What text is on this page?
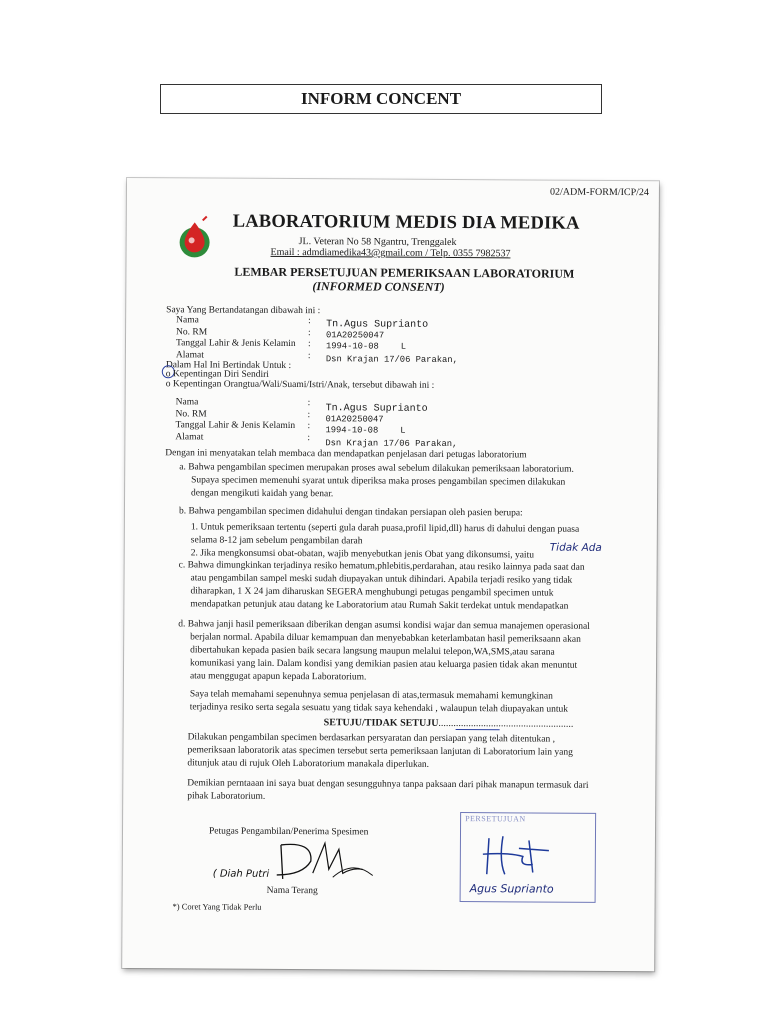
INFORM CONCENT
02/ADM-FORM/ICP/24
LABORATORIUM MEDIS DIA MEDIKA
JL. Veteran No 58 Ngantru, Trenggalek
Email : admdiamedika43@gmail.com / Telp. 0355 7982537
LEMBAR PERSETUJUAN PEMERIKSAAN LABORATORIUM
(INFORMED CONSENT)
Saya Yang Bertandatangan dibawah ini :
Nama
No. RM
Tanggal Lahir & Jenis Kelamin
Alamat
:
:
:
:
Tn.Agus Suprianto
01A20250047
1994-10-08 L
Dsn Krajan 17/06 Parakan,
Dalam Hal Ini Bertindak Untuk :
o Kepentingan Diri Sendiri
o Kepentingan Orangtua/Wali/Suami/Istri/Anak, tersebut dibawah ini :
Nama
No. RM
Tanggal Lahir & Jenis Kelamin
Alamat
:
:
:
:
Tn.Agus Suprianto
01A20250047
1994-10-08 L
Dsn Krajan 17/06 Parakan,
Dengan ini menyatakan telah membaca dan mendapatkan penjelasan dari petugas laboratorium
a. Bahwa pengambilan specimen merupakan proses awal sebelum dilakukan pemeriksaan laboratorium.
Supaya specimen memenuhi syarat untuk diperiksa maka proses pengambilan specimen dilakukan
dengan mengikuti kaidah yang benar.
b. Bahwa pengambilan specimen didahului dengan tindakan persiapan oleh pasien berupa:
1. Untuk pemeriksaan tertentu (seperti gula darah puasa,profil lipid,dll) harus di dahului dengan puasa
selama 8-12 jam sebelum pengambilan darah
2. Jika mengkonsumsi obat-obatan, wajib menyebutkan jenis Obat yang dikonsumsi, yaitu
Tidak Ada
c. Bahwa dimungkinkan terjadinya resiko hematum,phlebitis,perdarahan, atau resiko lainnya pada saat dan
atau pengambilan sampel meski sudah diupayakan untuk dihindari. Apabila terjadi resiko yang tidak
diharapkan, 1 X 24 jam diharuskan SEGERA menghubungi petugas pengambil specimen untuk
mendapatkan petunjuk atau datang ke Laboratorium atau Rumah Sakit terdekat untuk mendapatkan
d. Bahwa janji hasil pemeriksaan diberikan dengan asumsi kondisi wajar dan semua manajemen operasional
berjalan normal. Apabila diluar kemampuan dan menyebabkan keterlambatan hasil pemeriksaann akan
dibertahukan kepada pasien baik secara langsung maupun melalui telepon,WA,SMS,atau sarana
komunikasi yang lain. Dalam kondisi yang demikian pasien atau keluarga pasien tidak akan menuntut
atau menggugat apapun kepada Laboratorium.
Saya telah memahami sepenuhnya semua penjelasan di atas,termasuk memahami kemungkinan
terjadinya resiko serta segala sesuatu yang tidak saya kehendaki , walaupun telah diupayakan untuk
SETUJU/TIDAK SETUJU......................................................
Dilakukan pengambilan specimen berdasarkan persyaratan dan persiapan yang telah ditentukan ,
pemeriksaan laboratorik atas specimen tersebut serta pemeriksaan lanjutan di Laboratorium lain yang
ditunjuk atau di rujuk Oleh Laboratorium manakala diperlukan.
Demikian perntaaan ini saya buat dengan sesungguhnya tanpa paksaan dari pihak manapun termasuk dari
pihak Laboratorium.
Petugas Pengambilan/Penerima Spesimen
( Diah Putri
Nama Terang
PERSETUJUAN
Agus Suprianto
*) Coret Yang Tidak Perlu
